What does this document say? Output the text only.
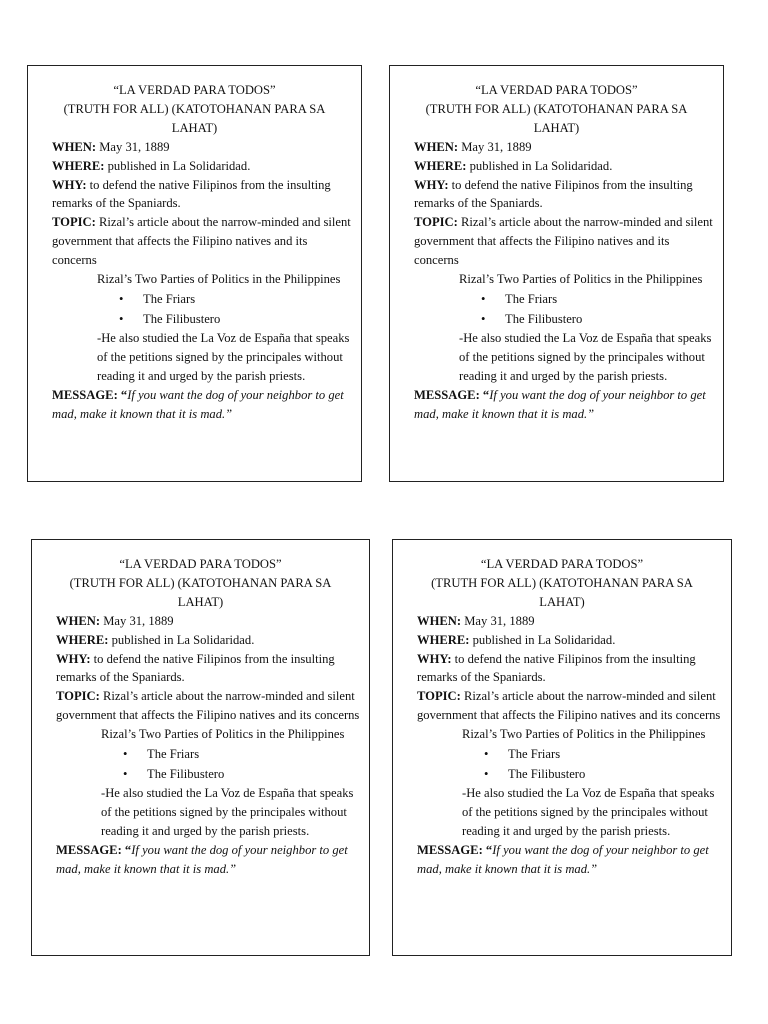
“LA VERDAD PARA TODOS”
(TRUTH FOR ALL) (KATOTOHANAN PARA SA LAHAT)
WHEN: May 31, 1889
WHERE: published in La Solidaridad.
WHY: to defend the native Filipinos from the insulting remarks of the Spaniards.
TOPIC: Rizal’s article about the narrow-minded and silent government that affects the Filipino natives and its concerns
Rizal’s Two Parties of Politics in the Philippines
• The Friars
• The Filibustero
-He also studied the La Voz de España that speaks of the petitions signed by the principales without reading it and urged by the parish priests.
MESSAGE: “If you want the dog of your neighbor to get mad, make it known that it is mad.”
“LA VERDAD PARA TODOS”
(TRUTH FOR ALL) (KATOTOHANAN PARA SA LAHAT)
WHEN: May 31, 1889
WHERE: published in La Solidaridad.
WHY: to defend the native Filipinos from the insulting remarks of the Spaniards.
TOPIC: Rizal’s article about the narrow-minded and silent government that affects the Filipino natives and its concerns
Rizal’s Two Parties of Politics in the Philippines
• The Friars
• The Filibustero
-He also studied the La Voz de España that speaks of the petitions signed by the principales without reading it and urged by the parish priests.
MESSAGE: “If you want the dog of your neighbor to get mad, make it known that it is mad.”
“LA VERDAD PARA TODOS”
(TRUTH FOR ALL) (KATOTOHANAN PARA SA LAHAT)
WHEN: May 31, 1889
WHERE: published in La Solidaridad.
WHY: to defend the native Filipinos from the insulting remarks of the Spaniards.
TOPIC: Rizal’s article about the narrow-minded and silent government that affects the Filipino natives and its concerns
Rizal’s Two Parties of Politics in the Philippines
• The Friars
• The Filibustero
-He also studied the La Voz de España that speaks of the petitions signed by the principales without reading it and urged by the parish priests.
MESSAGE: “If you want the dog of your neighbor to get mad, make it known that it is mad.”
“LA VERDAD PARA TODOS”
(TRUTH FOR ALL) (KATOTOHANAN PARA SA LAHAT)
WHEN: May 31, 1889
WHERE: published in La Solidaridad.
WHY: to defend the native Filipinos from the insulting remarks of the Spaniards.
TOPIC: Rizal’s article about the narrow-minded and silent government that affects the Filipino natives and its concerns
Rizal’s Two Parties of Politics in the Philippines
• The Friars
• The Filibustero
-He also studied the La Voz de España that speaks of the petitions signed by the principales without reading it and urged by the parish priests.
MESSAGE: “If you want the dog of your neighbor to get mad, make it known that it is mad.”
